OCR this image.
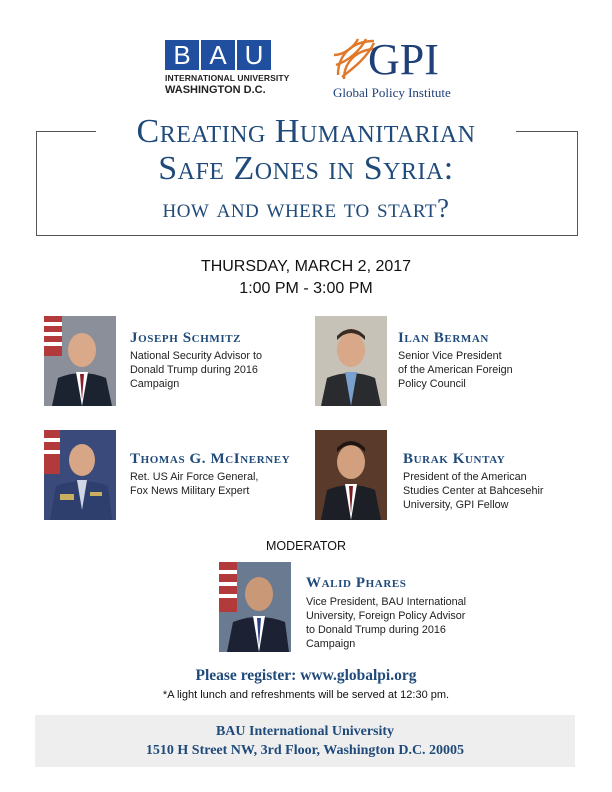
B A U
INTERNATIONAL UNIVERSITY
WASHINGTON D.C.
GPI
Global Policy Institute
Creating Humanitarian
Safe Zones in Syria:
how and where to start?
THURSDAY, MARCH 2, 2017
1:00 PM - 3:00 PM
Joseph Schmitz
National Security Advisor to
Donald Trump during 2016
Campaign
Ilan Berman
Senior Vice President
of the American Foreign
Policy Council
Thomas G. McInerney
Ret. US Air Force General,
Fox News Military Expert
Burak Kuntay
President of the American
Studies Center at Bahcesehir
University, GPI Fellow
MODERATOR
Walid Phares
Vice President, BAU International
University, Foreign Policy Advisor
to Donald Trump during 2016
Campaign
Please register: www.globalpi.org
*A light lunch and refreshments will be served at 12:30 pm.
BAU International University
1510 H Street NW, 3rd Floor, Washington D.C. 20005
